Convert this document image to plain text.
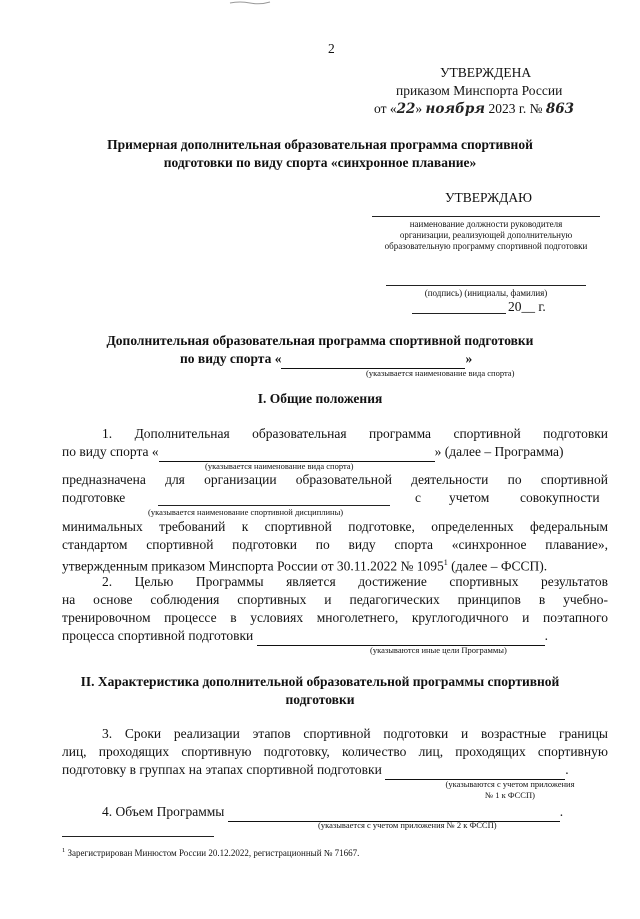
2
УТВЕРЖДЕНА
приказом Минспорта России
от «22» ноября 2023 г. № 863
Примерная дополнительная образовательная программа спортивной
подготовки по виду спорта «синхронное плавание»
УТВЕРЖДАЮ
наименование должности руководителя
организации, реализующей дополнительную
образовательную программу спортивной подготовки
(подпись) (инициалы, фамилия)
20__ г.
Дополнительная образовательная программа спортивной подготовки
по виду спорта «	»
(указывается наименование вида спорта)
I. Общие положения
1. Дополнительная образовательная программа спортивной подготовки
по виду спорта «	» (далее – Программа)
(указывается наименование вида спорта)
предназначена для организации образовательной деятельности по спортивной
подготовке	с учетом совокупности
(указывается наименование спортивной дисциплины)
минимальных требований к спортивной подготовке, определенных федеральным
стандартом спортивной подготовки по виду спорта «синхронное плавание»,
утвержденным приказом Минспорта России от 30.11.2022 № 1095$^1$ (далее – ФССП).
2. Целью Программы является достижение спортивных результатов
на основе соблюдения спортивных и педагогических принципов в учебно-
тренировочном процессе в условиях многолетнего, круглогодичного и поэтапного
процесса спортивной подготовки	.
(указываются иные цели Программы)
II. Характеристика дополнительной образовательной программы спортивной
подготовки
3. Сроки реализации этапов спортивной подготовки и возрастные границы
лиц, проходящих спортивную подготовку, количество лиц, проходящих спортивную
подготовку в группах на этапах спортивной подготовки	.
(указываются с учетом приложения
№ 1 к ФССП)
4. Объем Программы	.
(указывается с учетом приложения № 2 к ФССП)
$^1$ Зарегистрирован Минюстом России 20.12.2022, регистрационный № 71667.
